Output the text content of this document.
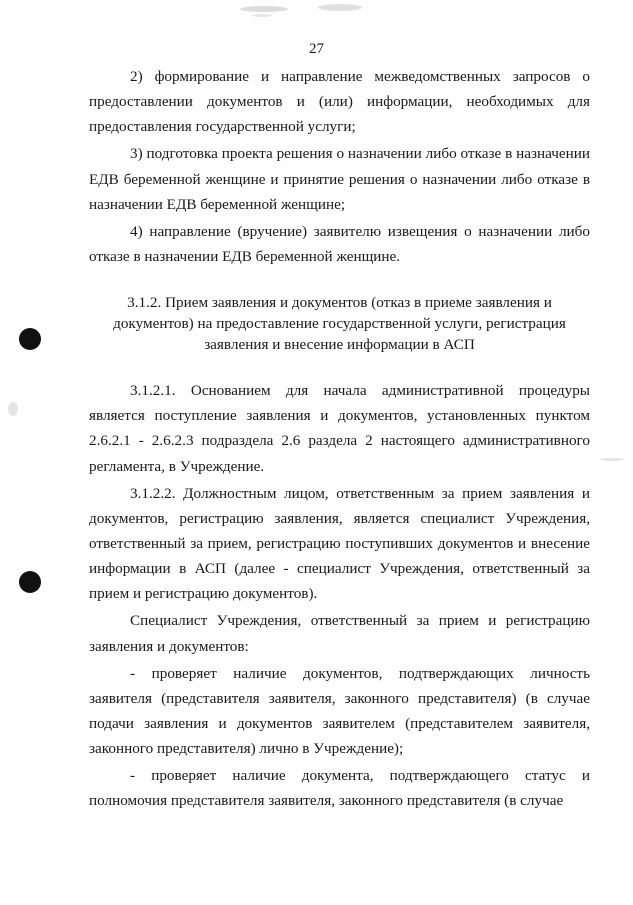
27

2) формирование и направление межведомственных запросов о предоставлении документов и (или) информации, необходимых для предоставления государственной услуги;

3) подготовка проекта решения о назначении либо отказе в назначении ЕДВ беременной женщине и принятие решения о назначении либо отказе в назначении ЕДВ беременной женщине;

4) направление (вручение) заявителю извещения о назначении либо отказе в назначении ЕДВ беременной женщине.

3.1.2. Прием заявления и документов (отказ в приеме заявления и документов) на предоставление государственной услуги, регистрация заявления и внесение информации в АСП

3.1.2.1. Основанием для начала административной процедуры является поступление заявления и документов, установленных пунктом 2.6.2.1 - 2.6.2.3 подраздела 2.6 раздела 2 настоящего административного регламента, в Учреждение.

3.1.2.2. Должностным лицом, ответственным за прием заявления и документов, регистрацию заявления, является специалист Учреждения, ответственный за прием, регистрацию поступивших документов и внесение информации в АСП (далее - специалист Учреждения, ответственный за прием и регистрацию документов).

Специалист Учреждения, ответственный за прием и регистрацию заявления и документов:

- проверяет наличие документов, подтверждающих личность заявителя (представителя заявителя, законного представителя) (в случае подачи заявления и документов заявителем (представителем заявителя, законного представителя) лично в Учреждение);

- проверяет наличие документа, подтверждающего статус и полномочия представителя заявителя, законного представителя (в случае
